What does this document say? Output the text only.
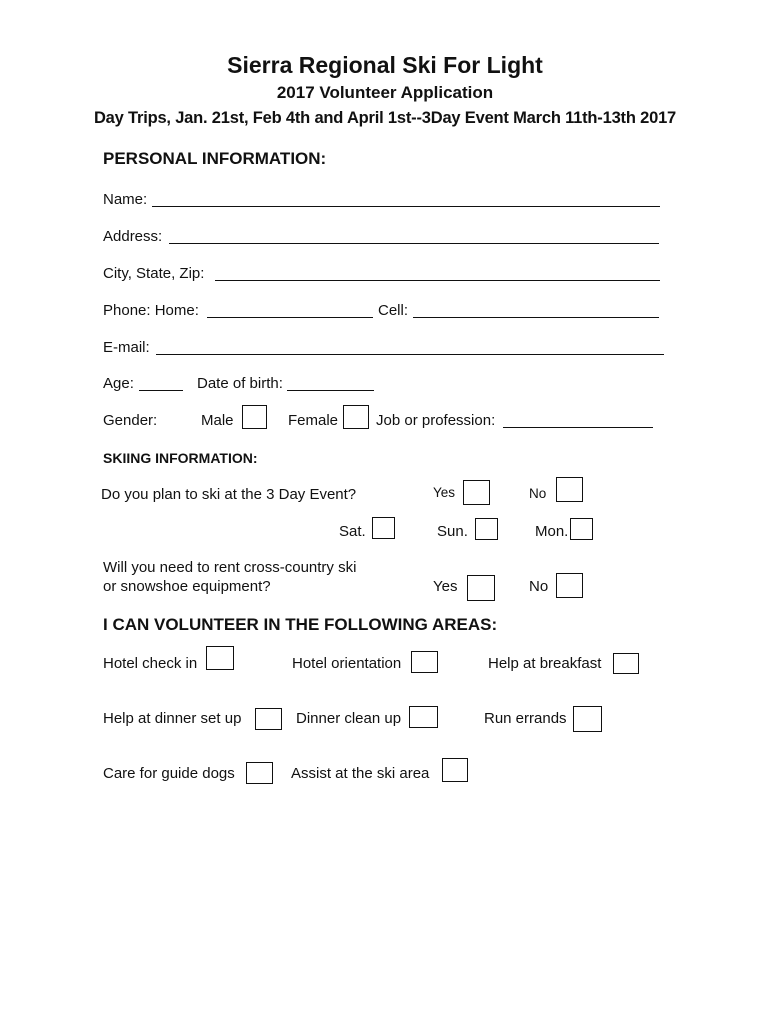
Sierra Regional Ski For Light
2017 Volunteer Application
Day Trips, Jan. 21st, Feb 4th and April 1st--3Day Event March 11th-13th 2017
PERSONAL INFORMATION:
Name:
Address:
City, State, Zip:
Phone: Home:	Cell:
E-mail:
Age:	Date of birth:
Gender:	Male	Female	Job or profession:
SKIING INFORMATION:
Do you plan to ski at the 3 Day Event?	Yes	No
Sat.	Sun.	Mon.
Will you need to rent cross-country ski
or snowshoe equipment?	Yes	No
I CAN VOLUNTEER IN THE FOLLOWING AREAS:
Hotel check in	Hotel orientation	Help at breakfast
Help at dinner set up	Dinner clean up	Run errands
Care for guide dogs	Assist at the ski area
